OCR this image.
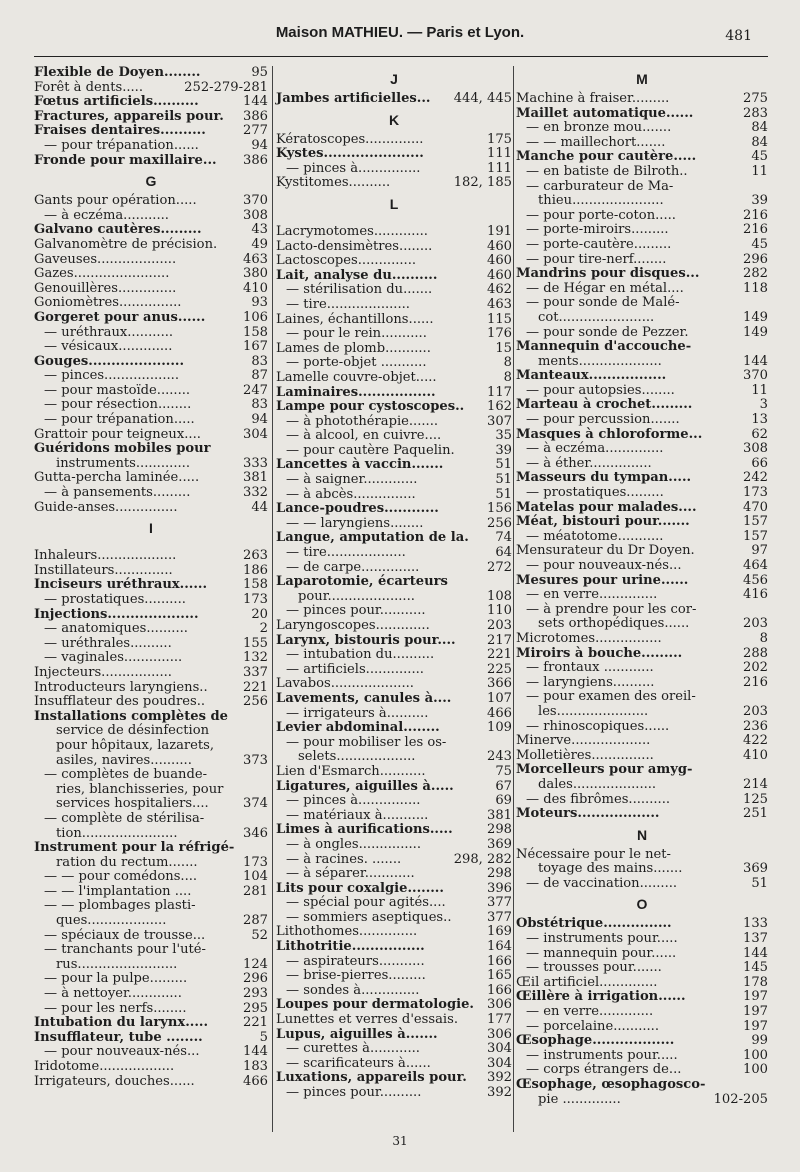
Maison MATHIEU. — Paris et Lyon.	481
Flexible de Doyen........	95
Forêt à dents.....	252-279-281
Fœtus artificiels..........	144
Fractures, appareils pour. 386
Fraises dentaires..........	277
— pour trépanation......	94
Fronde pour maxillaire... 386
G
Gants pour opération.....	370
— à eczéma...........	308
Galvano cautères.........	43
Galvanomètre de précision.	49
Gaveuses...................	463
Gazes.......................	380
Genouillères..............	410
Goniomètres...............	93
Gorgeret pour anus......	106
— uréthraux...........	158
— vésicaux.............	167
Gouges.....................	83
— pinces..................	87
— pour mastoïde........	247
— pour résection........	83
— pour trépanation.....	94
Grattoir pour teigneux....	304
Guéridons mobiles pour
instruments.............	333
Gutta-percha laminée.....	381
— à pansements.........	332
Guide-anses...............	44
I
Inhaleurs...................	263
Instillateurs..............	186
Inciseurs uréthraux......	158
— prostatiques..........	173
Injections....................	20
— anatomiques..........	2
— uréthrales..........	155
— vaginales..............	132
Injecteurs.................	337
Introducteurs laryngiens..	221
Insufflateur des poudres..	256
Installations complètes de
service de désinfection
pour hôpitaux, lazarets,
asiles, navires..........	373
— complètes de buande-
ries, blanchisseries, pour
services hospitaliers....	374
— complète de stérilisa-
tion.......................	346
Instrument pour la réfrigé-
ration du rectum.......	173
— — pour comédons....	104
— — l'implantation ....	281
— — plombages plasti-
ques...................	287
— spéciaux de trousse...	52
— tranchants pour l'uté-
rus........................	124
— pour la pulpe.........	296
— à nettoyer.............	293
— pour les nerfs........	295
Intubation du larynx.....	221
Insufflateur, tube ........	5
— pour nouveaux-nés...	144
Iridotome..................	183
Irrigateurs, douches......	466
J
Jambes artificielles... 444, 445
K
Kératoscopes..............	175
Kystes......................	111
— pinces à...............	111
Kystitomes..........	182, 185
L
Lacrymotomes.............	191
Lacto-densimètres........	460
Lactoscopes..............	460
Lait, analyse du..........	460
— stérilisation du.......	462
— tire....................	463
Laines, échantillons......	115
— pour le rein...........	176
Lames de plomb...........	15
— porte-objet ...........	8
Lamelle couvre-objet.....	8
Laminaires.................	117
Lampe pour cystoscopes.. 162
— à photothérapie.......	307
— à alcool, en cuivre....	35
— pour cautère Paquelin.	39
Lancettes à vaccin.......	51
— à saigner.............	51
— à abcès...............	51
Lance-poudres............	156
— — laryngiens........	256
Langue, amputation de la. 74
— tire...................	64
— de carpe..............	272
Laparotomie, écarteurs
pour.....................	108
— pinces pour...........	110
Laryngoscopes.............	203
Larynx, bistouris pour.... 217
— intubation du..........	221
— artificiels..............	225
Lavabos....................	366
Lavements, canules à....	107
— irrigateurs à..........	466
Levier abdominal........	109
— pour mobiliser les os-
selets...................	243
Lien d'Esmarch...........	75
Ligatures, aiguilles à.....	67
— pinces à...............	69
— matériaux à...........	381
Limes à aurifications.....	298
— à ongles...............	369
— à racines. .......	298, 282
— à séparer............	298
Lits pour coxalgie........	396
— spécial pour agités....	377
— sommiers aseptiques..	377
Lithothomes..............	169
Lithotritie................	164
— aspirateurs...........	166
— brise-pierres.........	165
— sondes à..............	166
Loupes pour dermatologie. 306
Lunettes et verres d'essais. 177
Lupus, aiguilles à.......	306
— curettes à............	304
— scarificateurs à......	304
Luxations, appareils pour. 392
— pinces pour..........	392
M
Machine à fraiser.........	275
Maillet automatique......	283
— en bronze mou.......	84
— — maillechort.......	84
Manche pour cautère.....	45
— en batiste de Bilroth..	11
— carburateur de Ma-
thieu......................	39
— pour porte-coton.....	216
— porte-miroirs.........	216
— porte-cautère.........	45
— pour tire-nerf........	296
Mandrins pour disques...	282
— de Hégar en métal....	118
— pour sonde de Malé-
cot.......................	149
— pour sonde de Pezzer.	149
Mannequin d'accouche-
ments....................	144
Manteaux.................	370
— pour autopsies........	11
Marteau à crochet.........	3
— pour percussion.......	13
Masques à chloroforme...	62
— à eczéma..............	308
— à éther...............	66
Masseurs du tympan.....	242
— prostatiques.........	173
Matelas pour malades....	470
Méat, bistouri pour.......	157
— méatotome...........	157
Mensurateur du Dr Doyen.	97
— pour nouveaux-nés...	464
Mesures pour urine......	456
— en verre..............	416
— à prendre pour les cor-
sets orthopédiques......	203
Microtomes................	8
Miroirs à bouche.........	288
— frontaux ............	202
— laryngiens..........	216
— pour examen des oreil-
les......................	203
— rhinoscopiques......	236
Minerve...................	422
Molletières...............	410
Morcelleurs pour amyg-
dales....................	214
— des fibrômes..........	125
Moteurs..................	251
N
Nécessaire pour le net-
toyage des mains.......	369
— de vaccination.........	51
O
Obstétrique...............	133
— instruments pour.....	137
— mannequin pour......	144
— trousses pour.......	145
Œil artificiel..............	178
Œillère à irrigation......	197
— en verre.............	197
— porcelaine...........	197
Œsophage..................	99
— instruments pour.....	100
— corps étrangers de...	100
Œsophage, œsophagosco-
pie ..............	102-205
31
